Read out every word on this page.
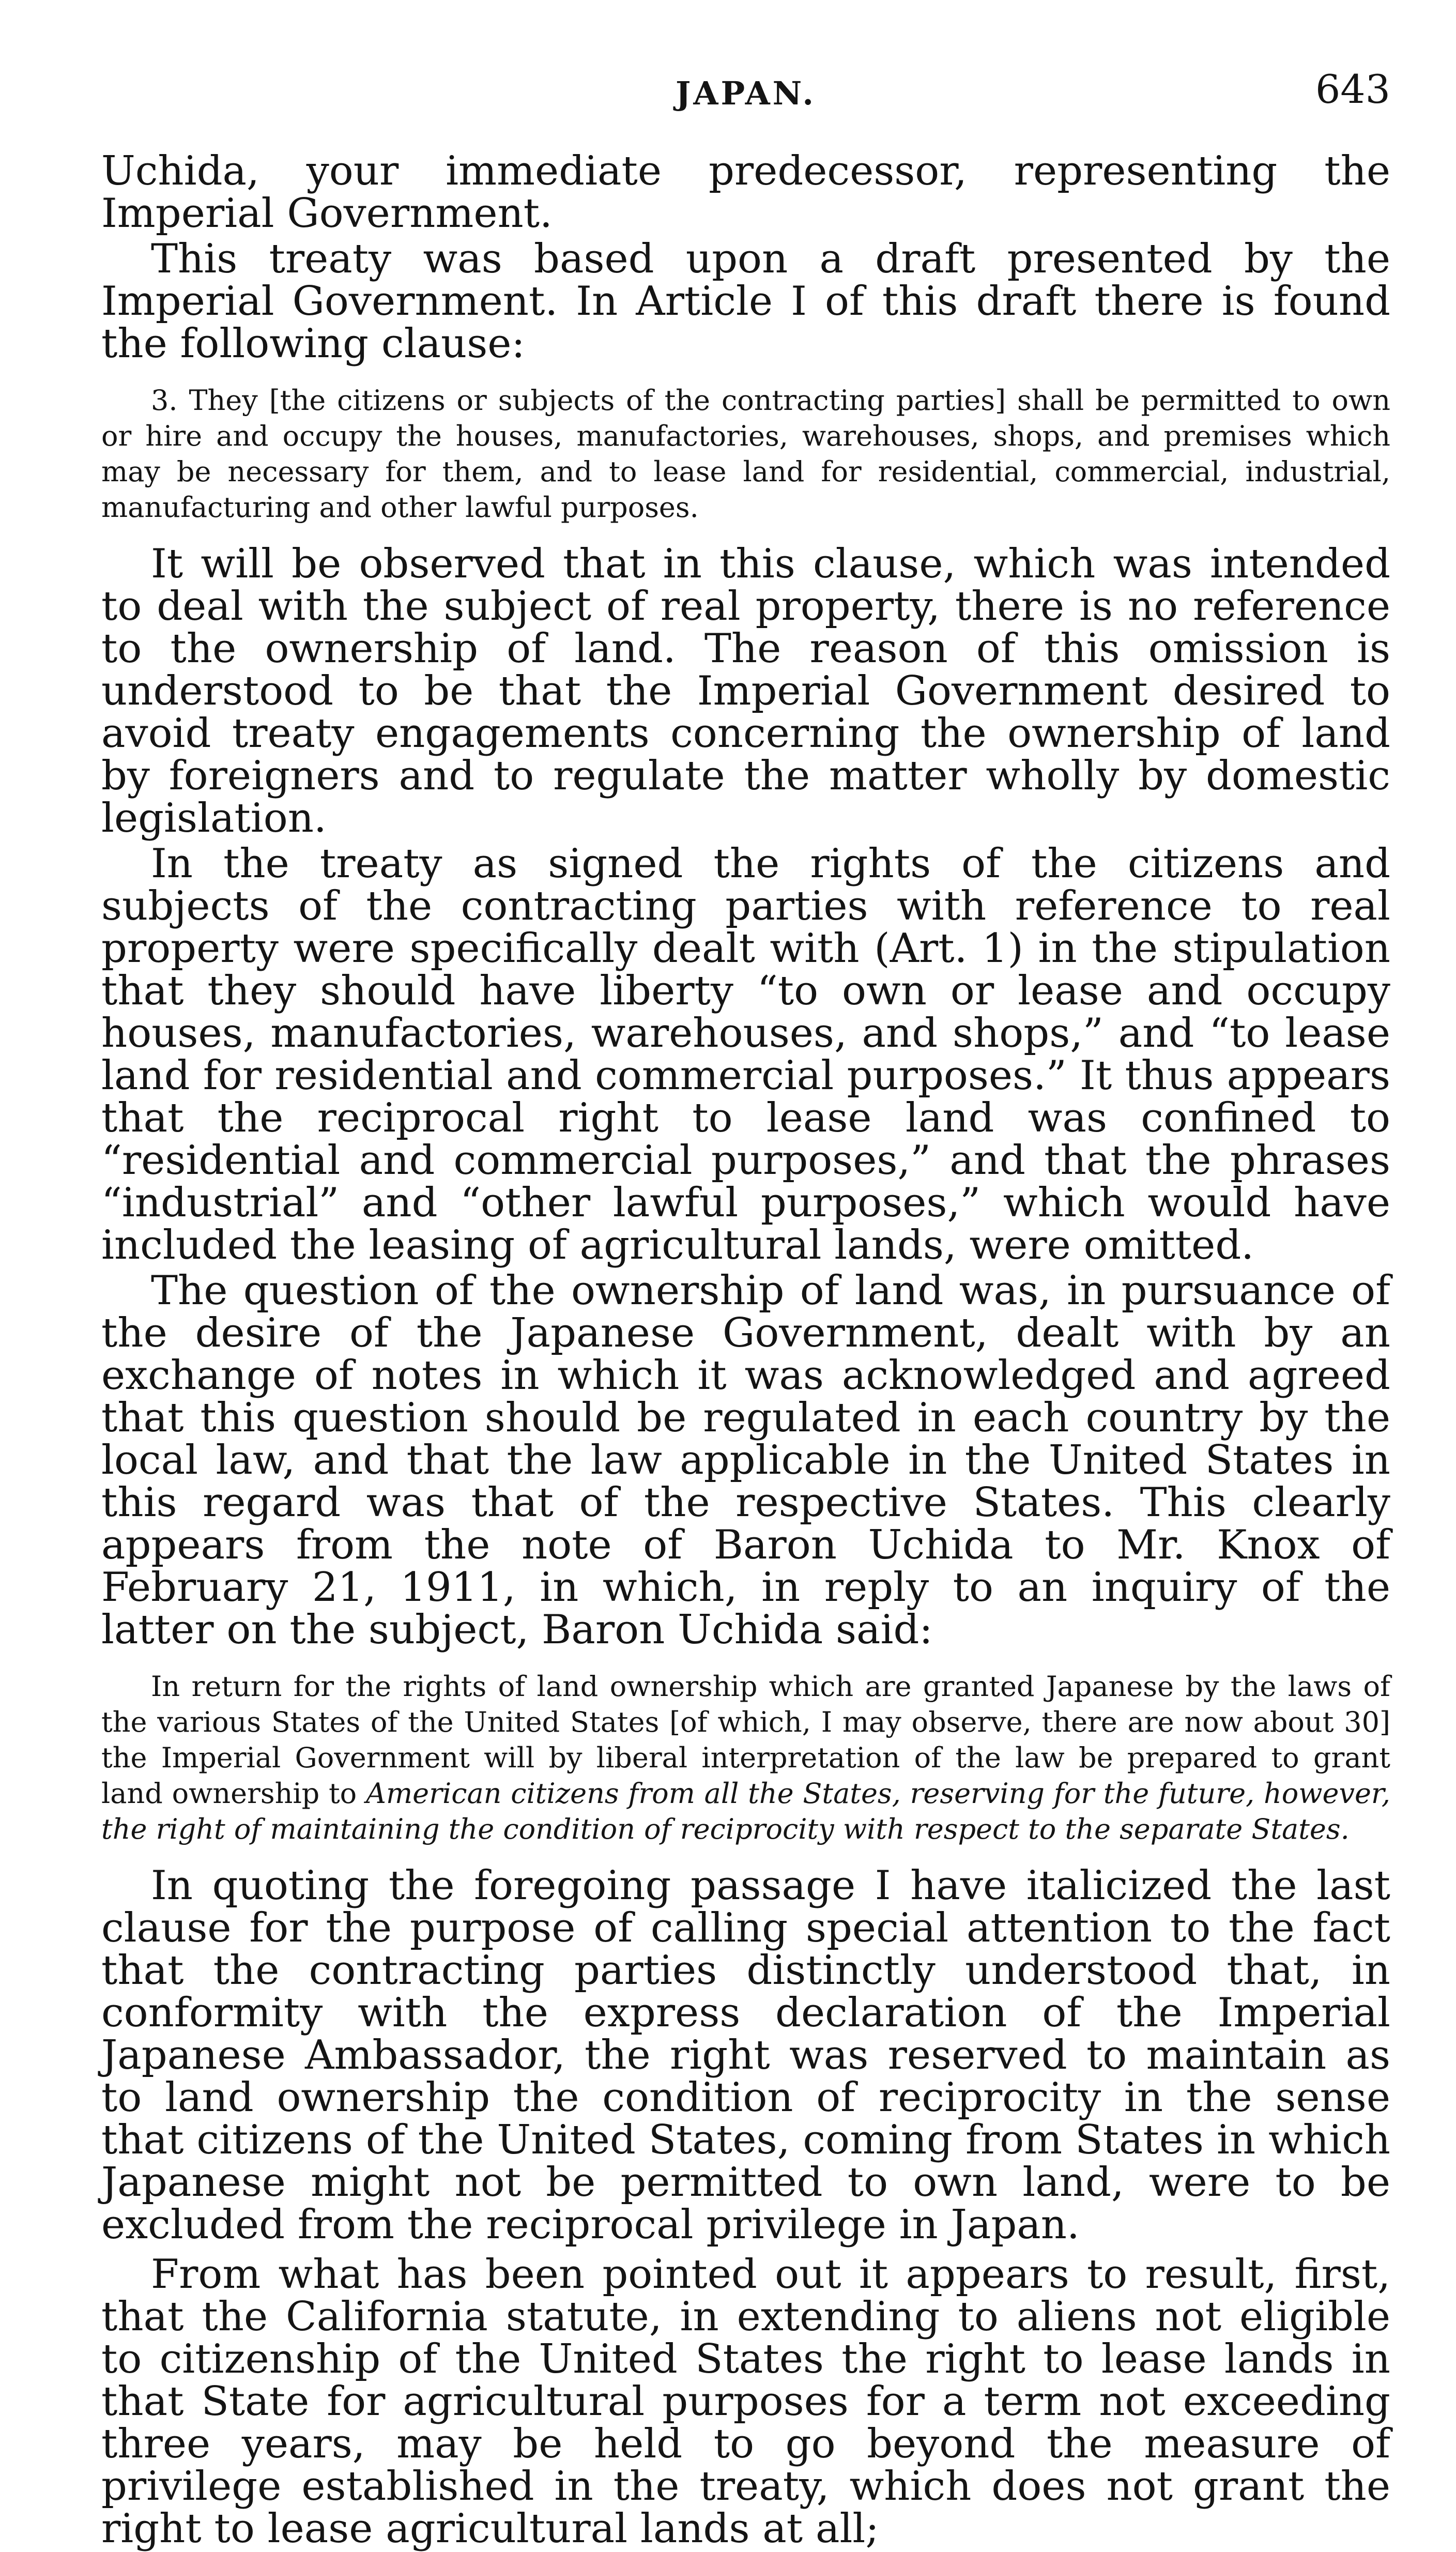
JAPAN.	643

Uchida, your immediate predecessor, representing the Imperial Government.

This treaty was based upon a draft presented by the Imperial Government. In Article I of this draft there is found the following clause:

3. They [the citizens or subjects of the contracting parties] shall be permitted to own or hire and occupy the houses, manufactories, warehouses, shops, and premises which may be necessary for them, and to lease land for residential, commercial, industrial, manufacturing and other lawful purposes.

It will be observed that in this clause, which was intended to deal with the subject of real property, there is no reference to the ownership of land. The reason of this omission is understood to be that the Imperial Government desired to avoid treaty engagements concerning the ownership of land by foreigners and to regulate the matter wholly by domestic legislation.

In the treaty as signed the rights of the citizens and subjects of the contracting parties with reference to real property were specifically dealt with (Art. 1) in the stipulation that they should have liberty “to own or lease and occupy houses, manufactories, warehouses, and shops,” and “to lease land for residential and commercial purposes.” It thus appears that the reciprocal right to lease land was confined to “residential and commercial purposes,” and that the phrases “industrial” and “other lawful purposes,” which would have included the leasing of agricultural lands, were omitted.

The question of the ownership of land was, in pursuance of the desire of the Japanese Government, dealt with by an exchange of notes in which it was acknowledged and agreed that this question should be regulated in each country by the local law, and that the law applicable in the United States in this regard was that of the respective States. This clearly appears from the note of Baron Uchida to Mr. Knox of February 21, 1911, in which, in reply to an inquiry of the latter on the subject, Baron Uchida said:

In return for the rights of land ownership which are granted Japanese by the laws of the various States of the United States [of which, I may observe, there are now about 30] the Imperial Government will by liberal interpretation of the law be prepared to grant land ownership to American citizens from all the States, reserving for the future, however, the right of maintaining the condition of reciprocity with respect to the separate States.

In quoting the foregoing passage I have italicized the last clause for the purpose of calling special attention to the fact that the contracting parties distinctly understood that, in conformity with the express declaration of the Imperial Japanese Ambassador, the right was reserved to maintain as to land ownership the condition of reciprocity in the sense that citizens of the United States, coming from States in which Japanese might not be permitted to own land, were to be excluded from the reciprocal privilege in Japan.

From what has been pointed out it appears to result, first, that the California statute, in extending to aliens not eligible to citizenship of the United States the right to lease lands in that State for agricultural purposes for a term not exceeding three years, may be held to go beyond the measure of privilege established in the treaty, which does not grant the right to lease agricultural lands at all;
